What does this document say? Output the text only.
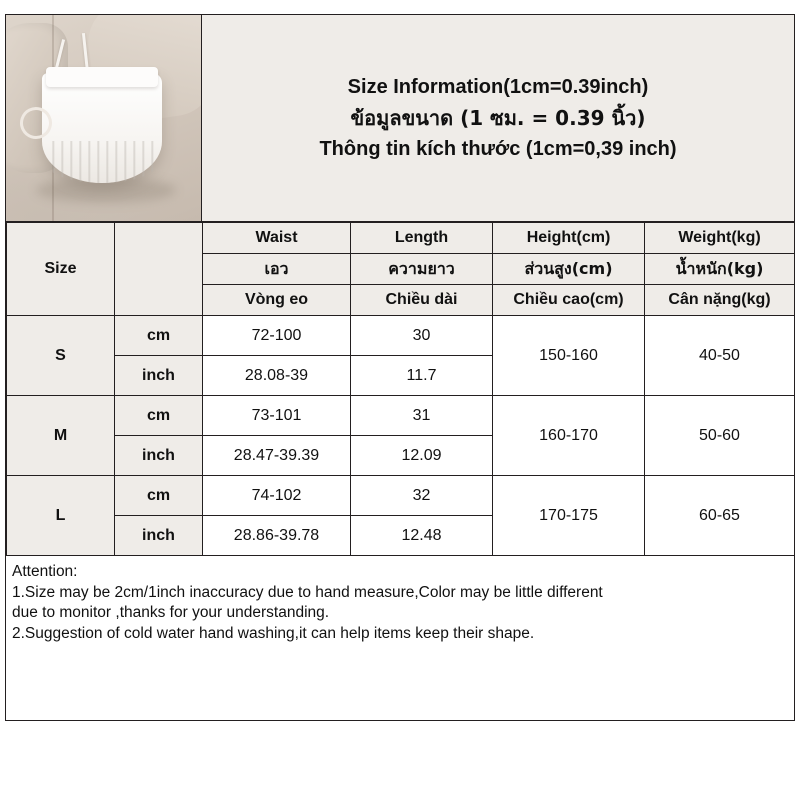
Size Information(1cm=0.39inch)
ข้อมูลขนาด (1 ซม. = 0.39 นิ้ว)
Thông tin kích thước (1cm=0,39 inch)
Size		Waist	Length	Height(cm)	Weight(kg)
		เอว	ความยาว	ส่วนสูง(cm)	น้ำหนัก(kg)
		Vòng eo	Chiều dài	Chiều cao(cm)	Cân nặng(kg)
S	cm	72-100	30	150-160	40-50
	inch	28.08-39	11.7		
M	cm	73-101	31	160-170	50-60
	inch	28.47-39.39	12.09		
L	cm	74-102	32	170-175	60-65
	inch	28.86-39.78	12.48		
Attention:
1.Size may be 2cm/1inch inaccuracy due to hand measure,Color may be little different
due to monitor ,thanks for your understanding.
2.Suggestion of cold water hand washing,it can help items keep their shape.
